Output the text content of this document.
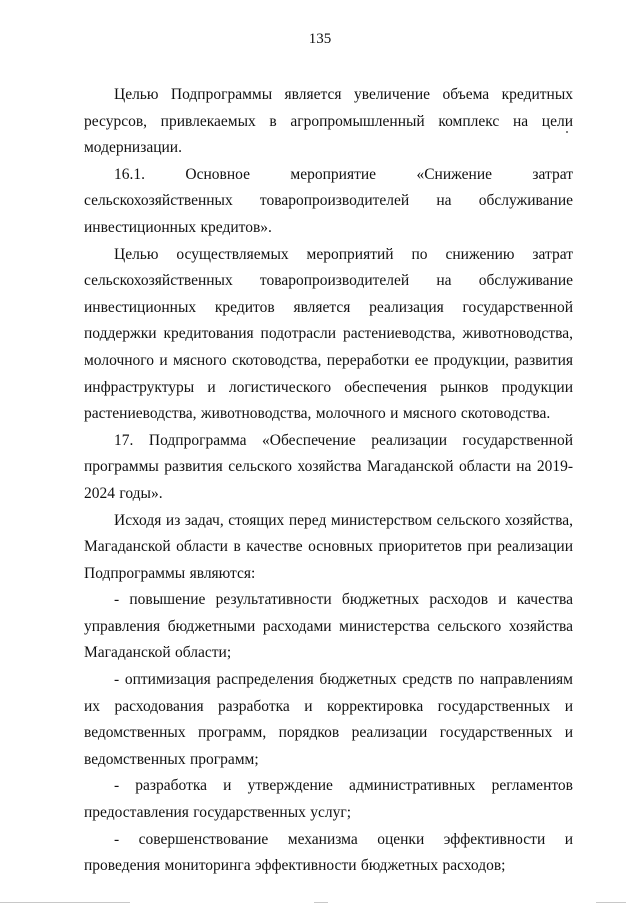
135

Целью Подпрограммы является увеличение объема кредитных ресурсов, привлекаемых в агропромышленный комплекс на цели модернизации.

16.1. Основное мероприятие «Снижение затрат сельскохозяйственных товаропроизводителей на обслуживание инвестиционных кредитов».

Целью осуществляемых мероприятий по снижению затрат сельскохозяйственных товаропроизводителей на обслуживание инвестиционных кредитов является реализация государственной поддержки кредитования подотрасли растениеводства, животноводства, молочного и мясного скотоводства, переработки ее продукции, развития инфраструктуры и логистического обеспечения рынков продукции растениеводства, животноводства, молочного и мясного скотоводства.

17. Подпрограмма «Обеспечение реализации государственной программы развития сельского хозяйства Магаданской области на 2019-2024 годы».

Исходя из задач, стоящих перед министерством сельского хозяйства, Магаданской области в качестве основных приоритетов при реализации Подпрограммы являются:

- повышение результативности бюджетных расходов и качества управления бюджетными расходами министерства сельского хозяйства Магаданской области;

- оптимизация распределения бюджетных средств по направлениям их расходования разработка и корректировка государственных и ведомственных программ, порядков реализации государственных и ведомственных программ;

- разработка и утверждение административных регламентов предоставления государственных услуг;

- совершенствование механизма оценки эффективности и проведения мониторинга эффективности бюджетных расходов;
